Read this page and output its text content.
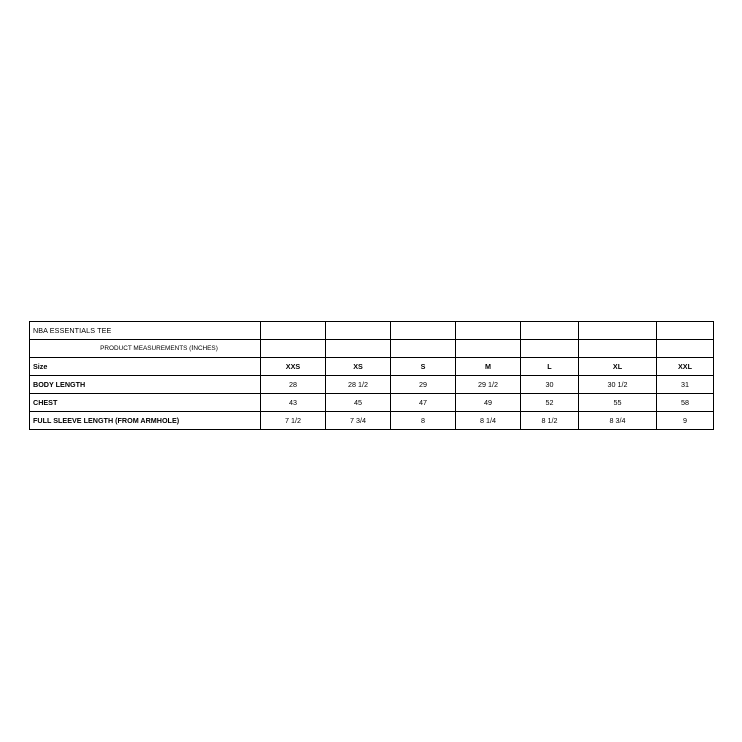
NBA ESSENTIALS TEE							

PRODUCT MEASUREMENTS (INCHES)							

Size	XXS	XS	S	M	L	XL	XXL
BODY LENGTH	28	28 1/2	29	29 1/2	30	30 1/2	31
CHEST	43	45	47	49	52	55	58
FULL SLEEVE LENGTH (FROM ARMHOLE)	7 1/2	7 3/4	8	8 1/4	8 1/2	8 3/4	9
